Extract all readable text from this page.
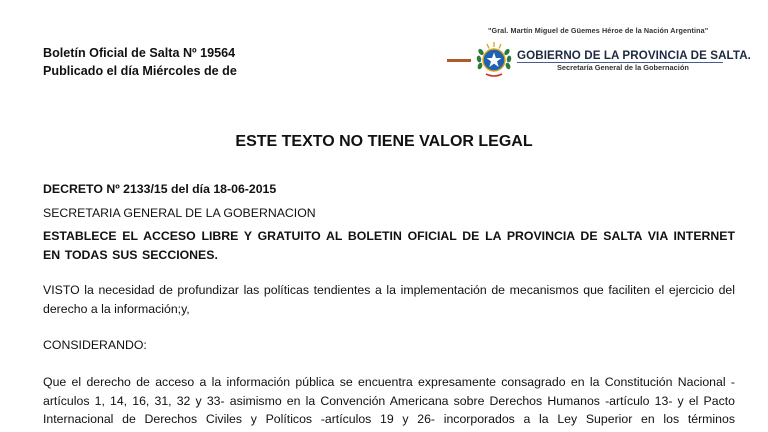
Boletín Oficial de Salta Nº 19564
Publicado el día Miércoles de de
"Gral. Martín Miguel de Güemes Héroe de la Nación Argentina"
GOBIERNO DE LA PROVINCIA DE SALTA.
Secretaría General de la Gobernación
ESTE TEXTO NO TIENE VALOR LEGAL
DECRETO Nº 2133/15 del día 18-06-2015
SECRETARIA GENERAL DE LA GOBERNACION
ESTABLECE EL ACCESO LIBRE Y GRATUITO AL BOLETIN OFICIAL DE LA PROVINCIA DE SALTA VIA INTERNET EN TODAS SUS SECCIONES.
VISTO la necesidad de profundizar las políticas tendientes a la implementación de mecanismos que faciliten el ejercicio del derecho a la información;y,
CONSIDERANDO:
Que el derecho de acceso a la información pública se encuentra expresamente consagrado en la Constitución Nacional -artículos 1, 14, 16, 31, 32 y 33- asimismo en la Convención Americana sobre Derechos Humanos -artículo 13- y el Pacto Internacional de Derechos Civiles y Políticos -artículos 19 y 26- incorporados a la Ley Superior en los términos
